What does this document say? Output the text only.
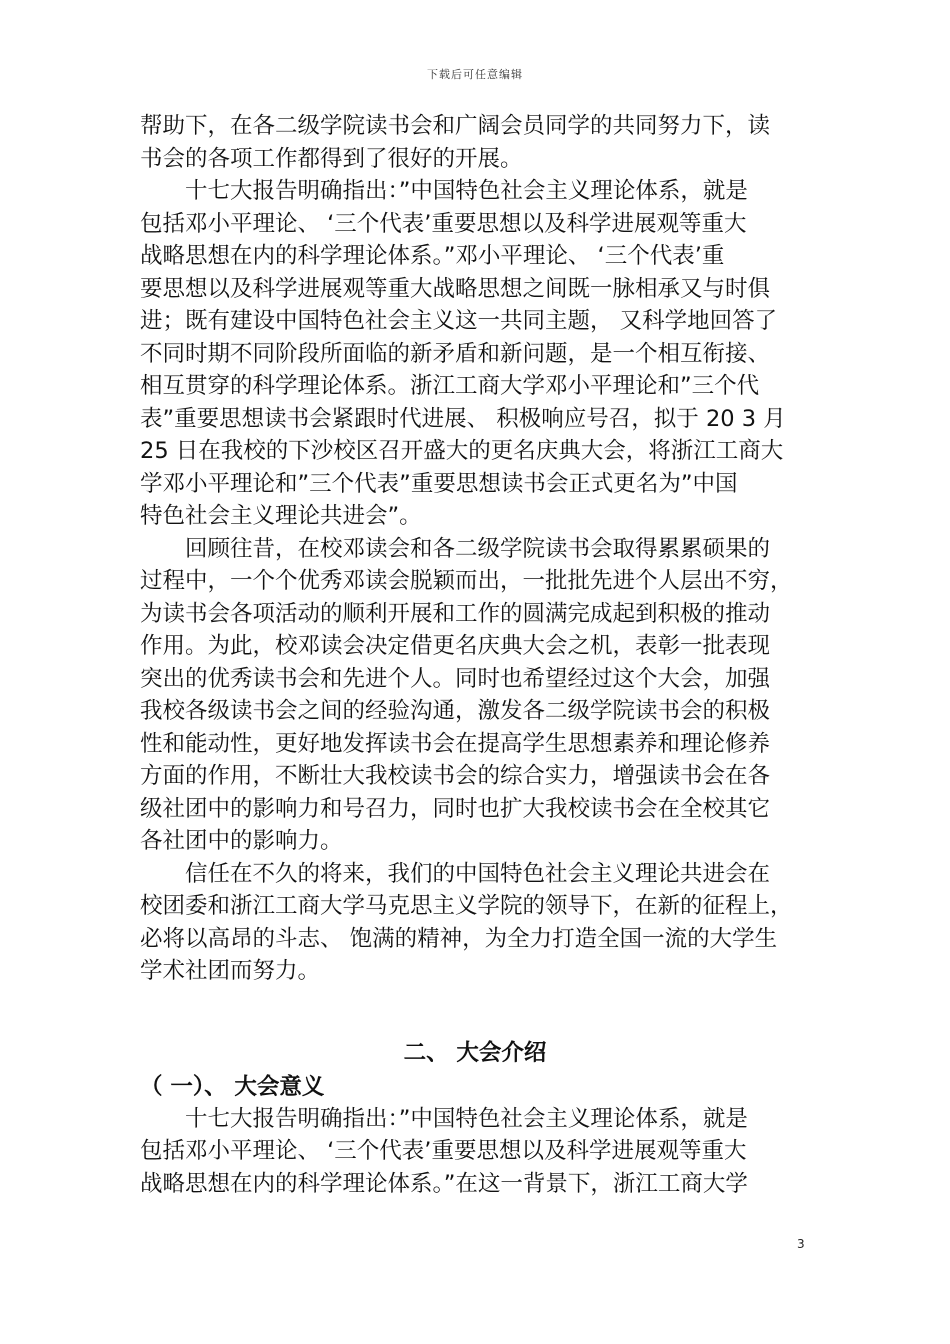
下载后可任意编辑
帮助下，在各二级学院读书会和广阔会员同学的共同努力下，读
书会的各项工作都得到了很好的开展。
十七大报告明确指出：”中国特色社会主义理论体系，就是
包括邓小平理论、 ‘三个代表’重要思想以及科学进展观等重大
战略思想在内的科学理论体系。”邓小平理论、 ‘三个代表’重
要思想以及科学进展观等重大战略思想之间既一脉相承又与时俱
进；既有建设中国特色社会主义这一共同主题， 又科学地回答了
不同时期不同阶段所面临的新矛盾和新问题，是一个相互衔接、
相互贯穿的科学理论体系。浙江工商大学邓小平理论和”三个代
表”重要思想读书会紧跟时代进展、 积极响应号召，拟于 20 3 月
25 日在我校的下沙校区召开盛大的更名庆典大会，将浙江工商大
学邓小平理论和”三个代表”重要思想读书会正式更名为”中国
特色社会主义理论共进会”。
回顾往昔，在校邓读会和各二级学院读书会取得累累硕果的
过程中，一个个优秀邓读会脱颖而出，一批批先进个人层出不穷，
为读书会各项活动的顺利开展和工作的圆满完成起到积极的推动
作用。为此，校邓读会决定借更名庆典大会之机，表彰一批表现
突出的优秀读书会和先进个人。同时也希望经过这个大会，加强
我校各级读书会之间的经验沟通，激发各二级学院读书会的积极
性和能动性，更好地发挥读书会在提高学生思想素养和理论修养
方面的作用，不断壮大我校读书会的综合实力，增强读书会在各
级社团中的影响力和号召力，同时也扩大我校读书会在全校其它
各社团中的影响力。
信任在不久的将来，我们的中国特色社会主义理论共进会在
校团委和浙江工商大学马克思主义学院的领导下，在新的征程上，
必将以高昂的斗志、 饱满的精神，为全力打造全国一流的大学生
学术社团而努力。
二、 大会介绍
（ 一）、 大会意义
十七大报告明确指出：”中国特色社会主义理论体系，就是
包括邓小平理论、 ‘三个代表’重要思想以及科学进展观等重大
战略思想在内的科学理论体系。”在这一背景下，浙江工商大学
3
